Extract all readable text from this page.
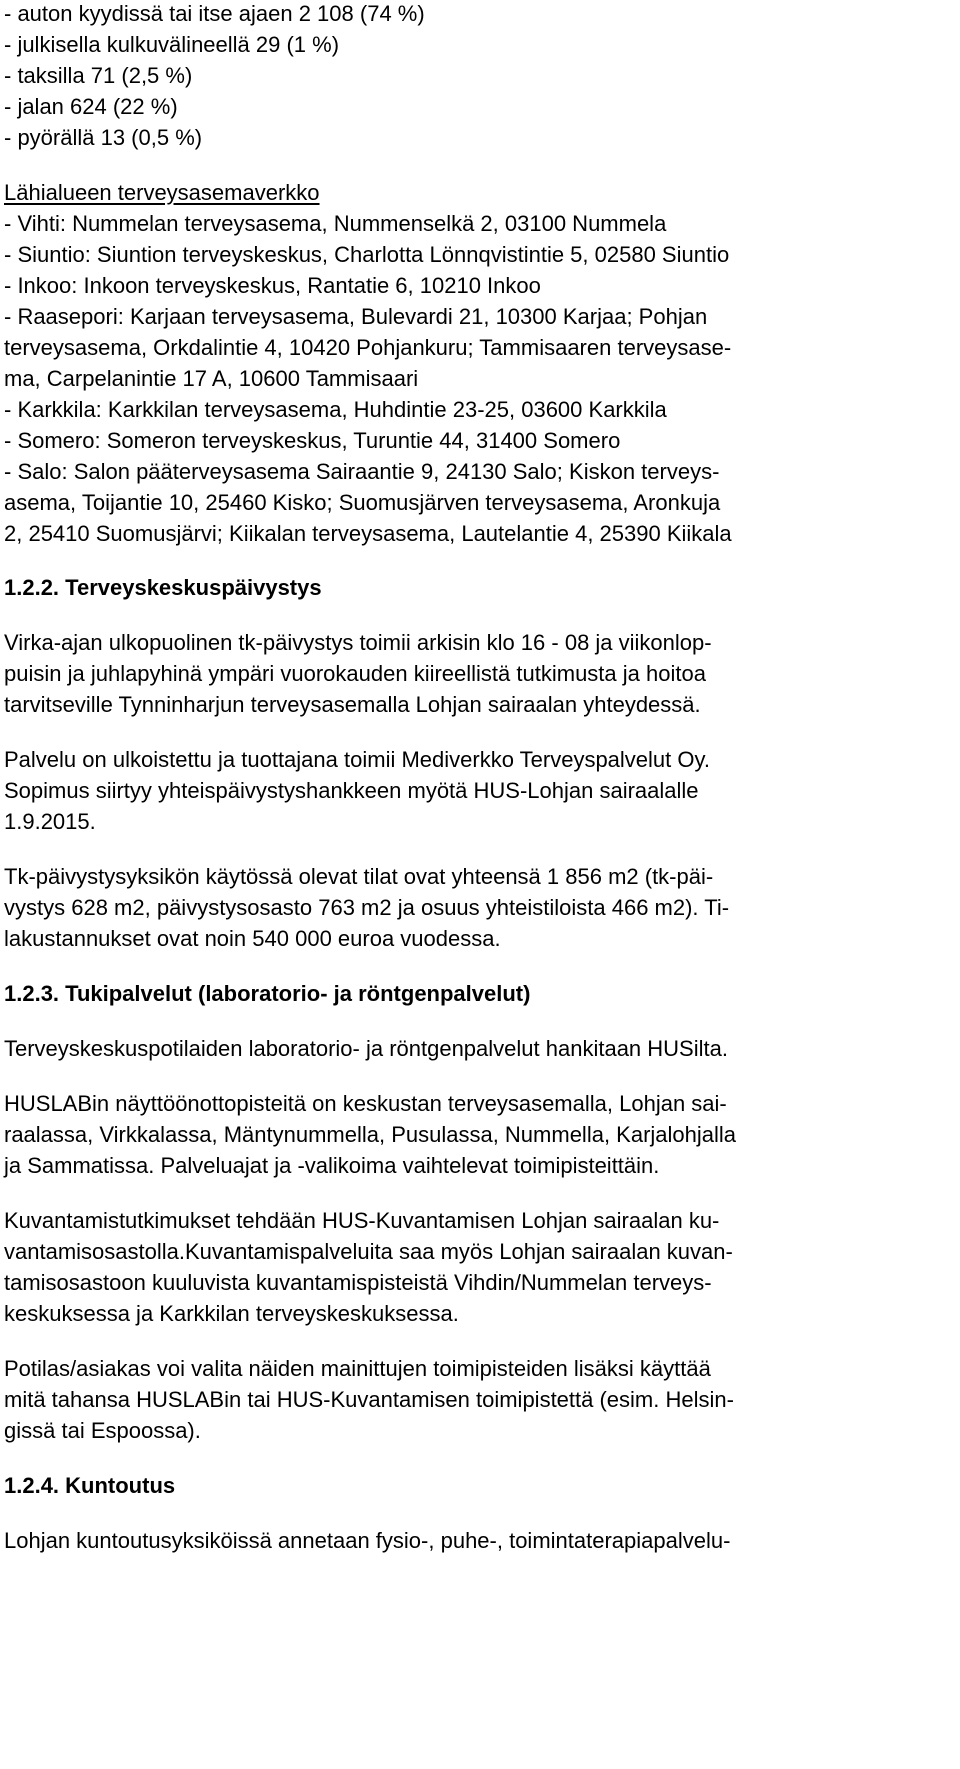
- auton kyydissä tai itse ajaen 2 108 (74 %)
- julkisella kulkuvälineellä 29 (1 %)
- taksilla 71 (2,5 %)
- jalan 624 (22 %)
- pyörällä 13 (0,5 %)
Lähialueen terveysasemaverkko
- Vihti: Nummelan terveysasema, Nummenselkä 2, 03100 Nummela
- Siuntio: Siuntion terveyskeskus, Charlotta Lönnqvistintie 5, 02580 Siuntio
- Inkoo: Inkoon terveyskeskus, Rantatie 6, 10210 Inkoo
- Raasepori: Karjaan terveysasema, Bulevardi 21, 10300 Karjaa; Pohjan
terveysasema, Orkdalintie 4, 10420 Pohjankuru; Tammisaaren terveysase-
ma, Carpelanintie 17 A, 10600 Tammisaari
- Karkkila: Karkkilan terveysasema, Huhdintie 23-25, 03600 Karkkila
- Somero: Someron terveyskeskus, Turuntie 44, 31400 Somero
- Salo: Salon pääterveysasema Sairaantie 9, 24130 Salo; Kiskon terveys-
asema, Toijantie 10, 25460 Kisko; Suomusjärven terveysasema, Aronkuja
2, 25410 Suomusjärvi; Kiikalan terveysasema, Lautelantie 4, 25390 Kiikala
1.2.2. Terveyskeskuspäivystys
Virka-ajan ulkopuolinen tk-päivystys toimii arkisin klo 16 - 08 ja viikonlop-
puisin ja juhlapyhinä ympäri vuorokauden kiireellistä tutkimusta ja hoitoa
tarvitseville Tynninharjun terveysasemalla Lohjan sairaalan yhteydessä.
Palvelu on ulkoistettu ja tuottajana toimii Mediverkko Terveyspalvelut Oy.
Sopimus siirtyy yhteispäivystyshankkeen myötä HUS-Lohjan sairaalalle
1.9.2015.
Tk-päivystysyksikön käytössä olevat tilat ovat yhteensä 1 856 m2 (tk-päi-
vystys 628 m2, päivystysosasto 763 m2 ja osuus yhteistiloista 466 m2). Ti-
lakustannukset ovat noin 540 000 euroa vuodessa.
1.2.3. Tukipalvelut (laboratorio- ja röntgenpalvelut)
Terveyskeskuspotilaiden laboratorio- ja röntgenpalvelut hankitaan HUSilta.
HUSLABin näyttöönottopisteitä on keskustan terveysasemalla, Lohjan sai-
raalassa, Virkkalassa, Mäntynummella, Pusulassa, Nummella, Karjalohjalla
ja Sammatissa. Palveluajat ja -valikoima vaihtelevat toimipisteittäin.
Kuvantamistutkimukset tehdään HUS-Kuvantamisen Lohjan sairaalan ku-
vantamisosastolla.Kuvantamispalveluita saa myös Lohjan sairaalan kuvan-
tamisosastoon kuuluvista kuvantamispisteistä Vihdin/Nummelan terveys-
keskuksessa ja Karkkilan terveyskeskuksessa.
Potilas/asiakas voi valita näiden mainittujen toimipisteiden lisäksi käyttää
mitä tahansa HUSLABin tai HUS-Kuvantamisen toimipistettä (esim. Helsin-
gissä tai Espoossa).
1.2.4. Kuntoutus
Lohjan kuntoutusyksiköissä annetaan fysio-, puhe-, toimintaterapiapalvelu-
